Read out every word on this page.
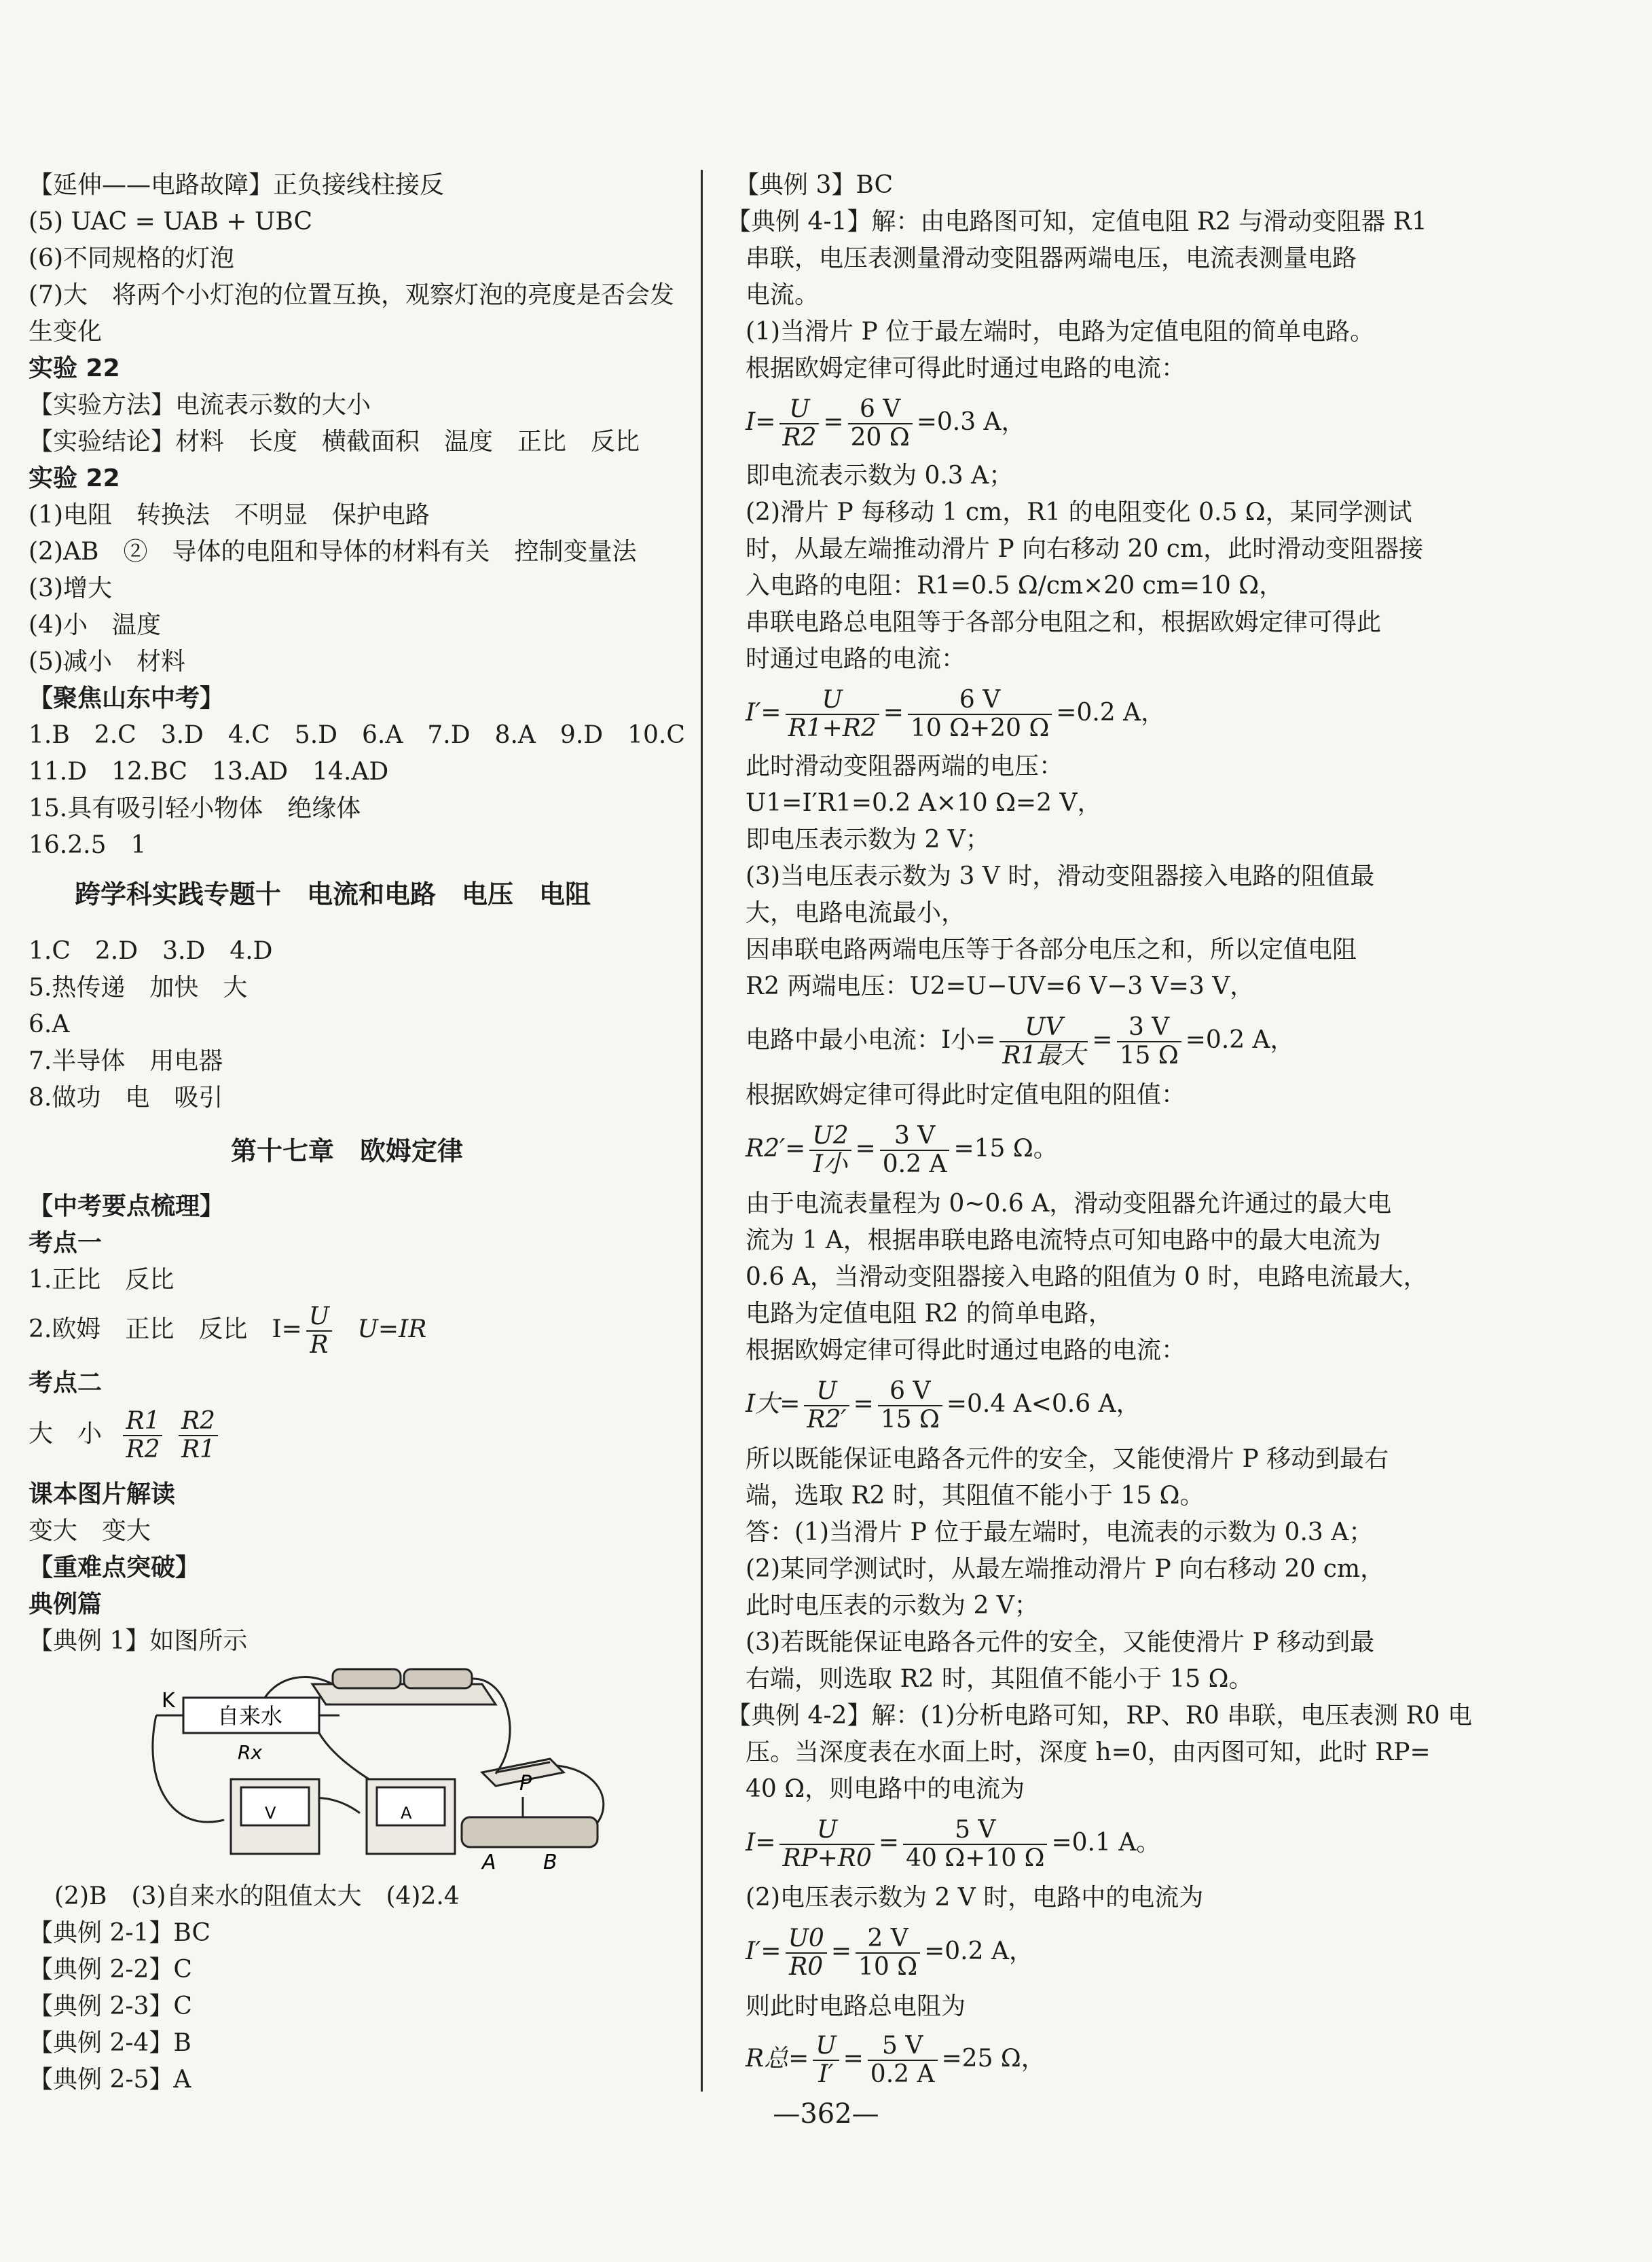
【延伸——电路故障】正负接线柱接反
(5) UAC = UAB + UBC
(6)不同规格的灯泡
(7)大　将两个小灯泡的位置互换，观察灯泡的亮度是否会发
生变化
实验 22
【实验方法】电流表示数的大小
【实验结论】材料　长度　横截面积　温度　正比　反比
实验 22
(1)电阻　转换法　不明显　保护电路
(2)AB　②　导体的电阻和导体的材料有关　控制变量法
(3)增大
(4)小　温度
(5)减小　材料
【聚焦山东中考】
1.B　2.C　3.D　4.C　5.D　6.A　7.D　8.A　9.D　10.C
11.D　12.BC　13.AD　14.AD
15.具有吸引轻小物体　绝缘体
16.2.5　1
跨学科实践专题十　电流和电路　电压　电阻
1.C　2.D　3.D　4.D
5.热传递　加快　大
6.A
7.半导体　用电器
8.做功　电　吸引
第十七章　欧姆定律
【中考要点梳理】
考点一
1.正比　反比
2.欧姆　正比　反比　$I= \frac{U}{R} U=IR$
考点二
大　小 $\frac{R1}{R2}$
$\frac{R2}{R1}$
课本图片解读
变大　变大
【重难点突破】
典例篇
【典例 1】如图所示
K
自来水
Rx
V	A
P
A B
(2)B　(3)自来水的阻值太大　(4)2.4
【典例 2-1】BC
【典例 2-2】C
【典例 2-3】C
【典例 2-4】B
【典例 2-5】A
【典例 3】BC
【典例 4-1】解：由电路图可知，定值电阻 R2 与滑动变阻器 R1
串联，电压表测量滑动变阻器两端电压，电流表测量电路
电流。
(1)当滑片 P 位于最左端时，电路为定值电阻的简单电路。
根据欧姆定律可得此时通过电路的电流：
$I= \frac{U}{R2} = \frac{6 V}{20 \Omega} =0.3$ A，
即电流表示数为 0.3 A；
(2)滑片 P 每移动 1 cm，R1 的电阻变化 0.5 Ω，某同学测试
时，从最左端推动滑片 P 向右移动 20 cm，此时滑动变阻器接
入电路的电阻：R1=0.5 Ω/cm×20 cm=10 Ω，
串联电路总电阻等于各部分电阻之和，根据欧姆定律可得此
时通过电路的电流：
$I'= \frac{U}{R1+R2} = \frac{6 V}{10 \Omega+20 \Omega} =0.2$ A，
此时滑动变阻器两端的电压：
U1=I′R1=0.2 A×10 Ω=2 V，
即电压表示数为 2 V；
(3)当电压表示数为 3 V 时，滑动变阻器接入电路的阻值最
大，电路电流最小，
因串联电路两端电压等于各部分电压之和，所以定值电阻
R2 两端电压：U2=U−UV=6 V−3 V=3 V，
电路中最小电流：I小= $\frac{UV}{\text{R1最大}} = \frac{3 V}{15 \Omega} =0.2$ A，
根据欧姆定律可得此时定值电阻的阻值：
$R2'= \frac{U2}{\text{I小}} = \frac{3 V}{0.2 A} =15$ Ω。
由于电流表量程为 0~0.6 A，滑动变阻器允许通过的最大电
流为 1 A，根据串联电路电流特点可知电路中的最大电流为
0.6 A，当滑动变阻器接入电路的阻值为 0 时，电路电流最大，
电路为定值电阻 R2 的简单电路，
根据欧姆定律可得此时通过电路的电流：
I大= $\frac{U}{R2'} = \frac{6 V}{15 \Omega} =0.4$ A<0.6 A，
所以既能保证电路各元件的安全，又能使滑片 P 移动到最右
端，选取 R2 时，其阻值不能小于 15 Ω。
答：(1)当滑片 P 位于最左端时，电流表的示数为 0.3 A；
(2)某同学测试时，从最左端推动滑片 P 向右移动 20 cm，
此时电压表的示数为 2 V；
(3)若既能保证电路各元件的安全，又能使滑片 P 移动到最
右端，则选取 R2 时，其阻值不能小于 15 Ω。
【典例 4-2】解：(1)分析电路可知，RP、R0 串联，电压表测 R0 电
压。当深度表在水面上时，深度 h=0，由丙图可知，此时 RP=
40 Ω，则电路中的电流为
$I= \frac{U}{RP+R0} = \frac{5 V}{40 \Omega+10 \Omega} =0.1$ A。
(2)电压表示数为 2 V 时，电路中的电流为
$I'= \frac{U0}{R0} = \frac{2 V}{10 \Omega} =0.2$ A，
则此时电路总电阻为
R总= $\frac{U}{I'} = \frac{5 V}{0.2 A} =25$ Ω，
—362—
